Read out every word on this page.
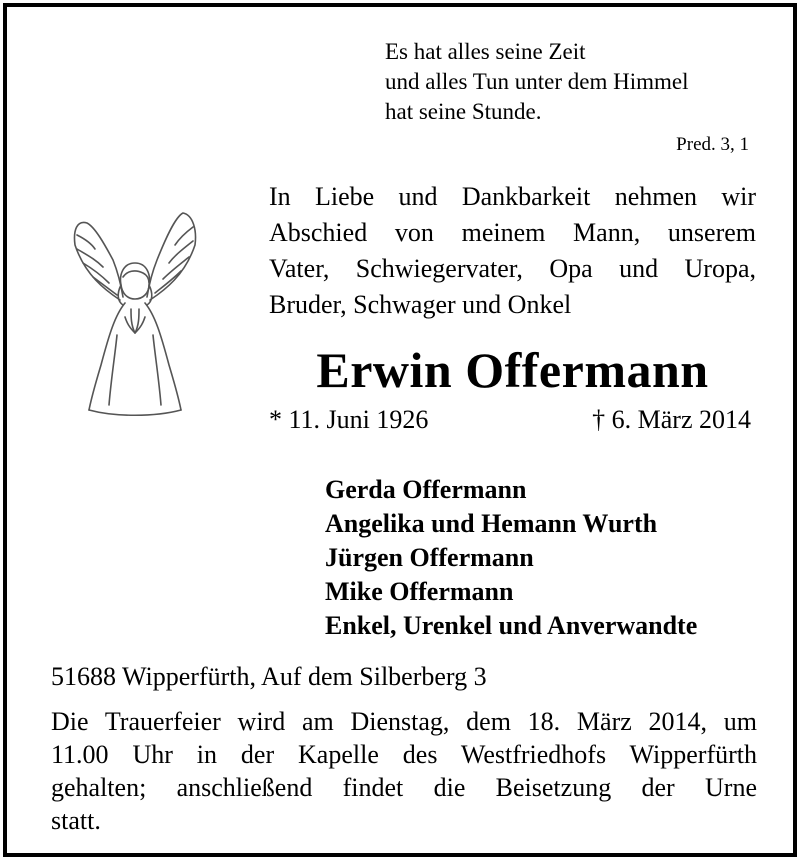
Es hat alles seine Zeit
und alles Tun unter dem Himmel
hat seine Stunde.
Pred. 3, 1
In Liebe und Dankbarkeit nehmen wir
Abschied von meinem Mann, unserem
Vater, Schwiegervater, Opa und Uropa,
Bruder, Schwager und Onkel
Erwin Offermann
* 11. Juni 1926	† 6. März 2014
Gerda Offermann
Angelika und Hemann Wurth
Jürgen Offermann
Mike Offermann
Enkel, Urenkel und Anverwandte
51688 Wipperfürth, Auf dem Silberberg 3
Die Trauerfeier wird am Dienstag, dem 18. März 2014, um
11.00 Uhr in der Kapelle des Westfriedhofs Wipperfürth
gehalten; anschließend findet die Beisetzung der Urne
statt.
